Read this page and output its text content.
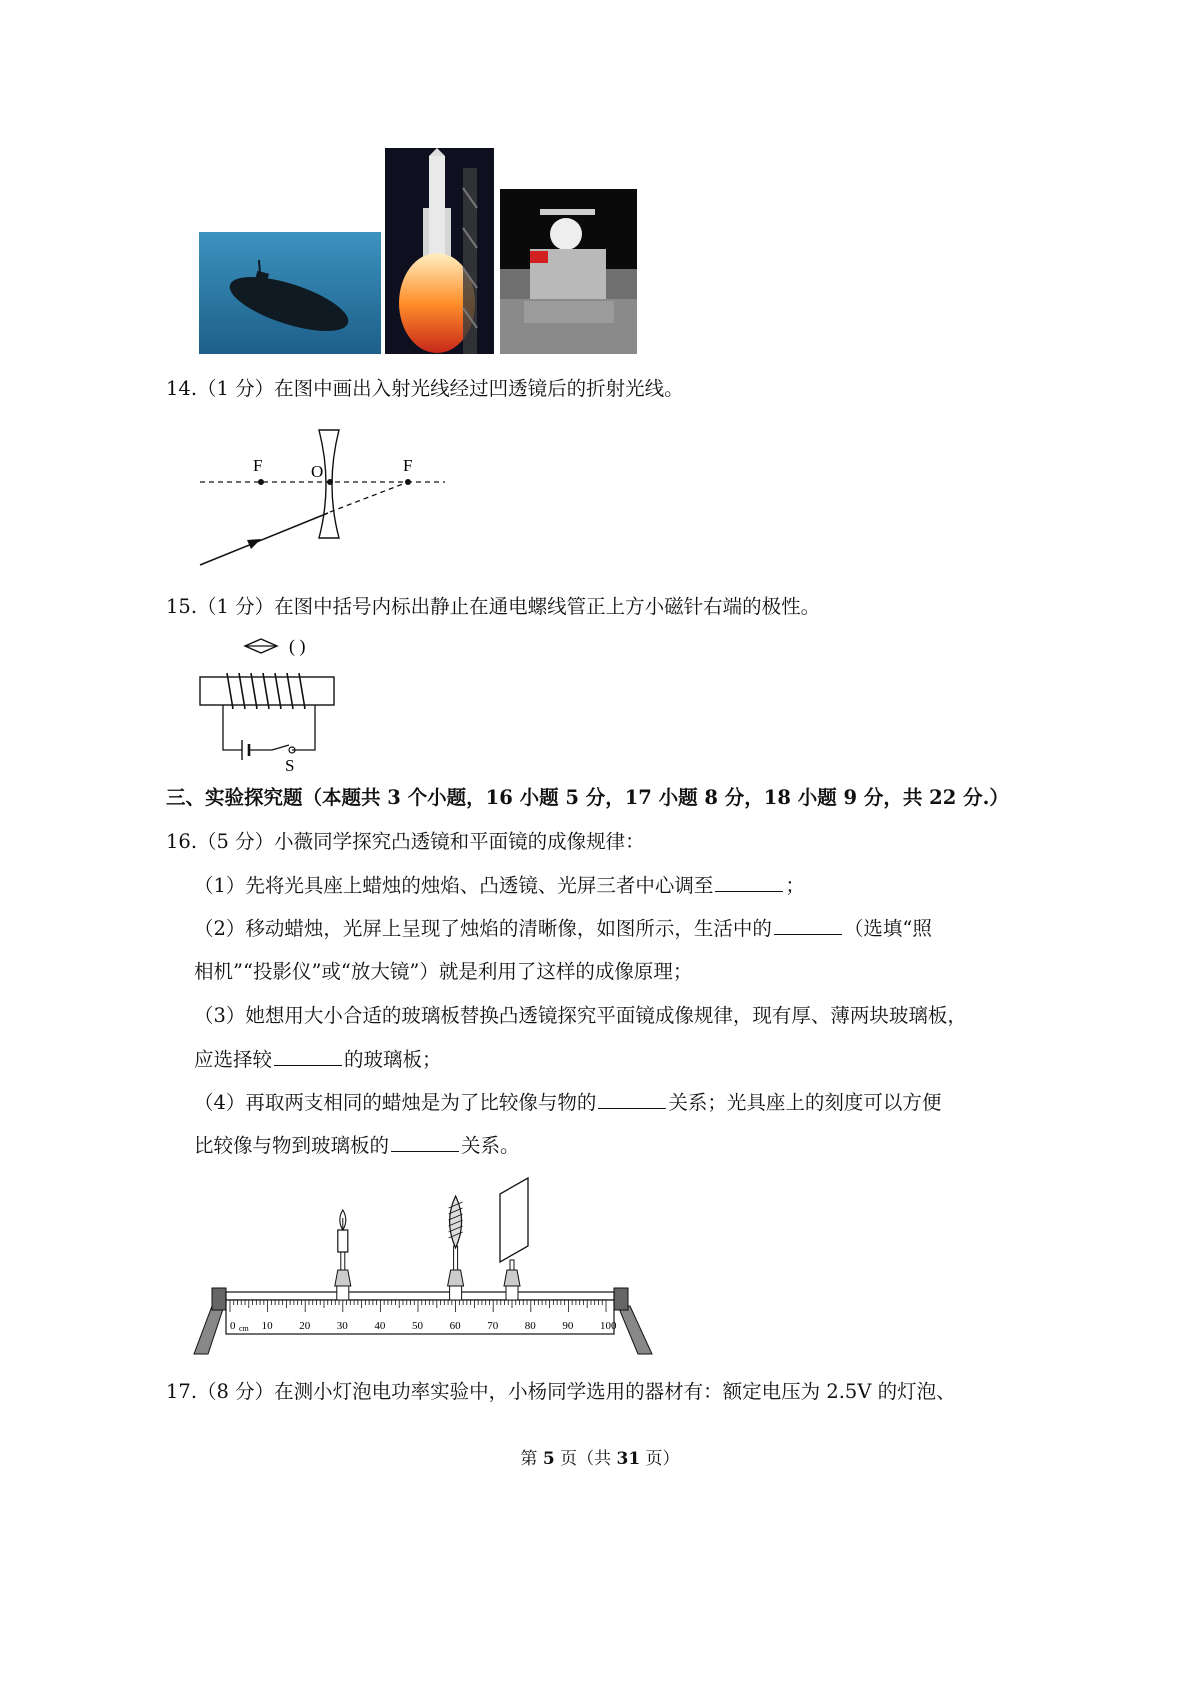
14.（1 分）在图中画出入射光线经过凹透镜后的折射光线。
F	O	F
15.（1 分）在图中括号内标出静止在通电螺线管正上方小磁针右端的极性。
( )
S
三、实验探究题（本题共 3 个小题，16 小题 5 分，17 小题 8 分，18 小题 9 分，共 22 分.）
16.（5 分）小薇同学探究凸透镜和平面镜的成像规律：
（1）先将光具座上蜡烛的烛焰、凸透镜、光屏三者中心调至	；
（2）移动蜡烛，光屏上呈现了烛焰的清晰像，如图所示，生活中的	（选填“照
相机”“投影仪”或“放大镜”）就是利用了这样的成像原理；
（3）她想用大小合适的玻璃板替换凸透镜探究平面镜成像规律，现有厚、薄两块玻璃板，
应选择较	的玻璃板；
（4）再取两支相同的蜡烛是为了比较像与物的	关系；光具座上的刻度可以方便
比较像与物到玻璃板的	关系。
0 10 20 30 40 50 60 70 80 90 100
cm
17.（8 分）在测小灯泡电功率实验中，小杨同学选用的器材有：额定电压为 2.5V 的灯泡、
第 5 页（共 31 页）
